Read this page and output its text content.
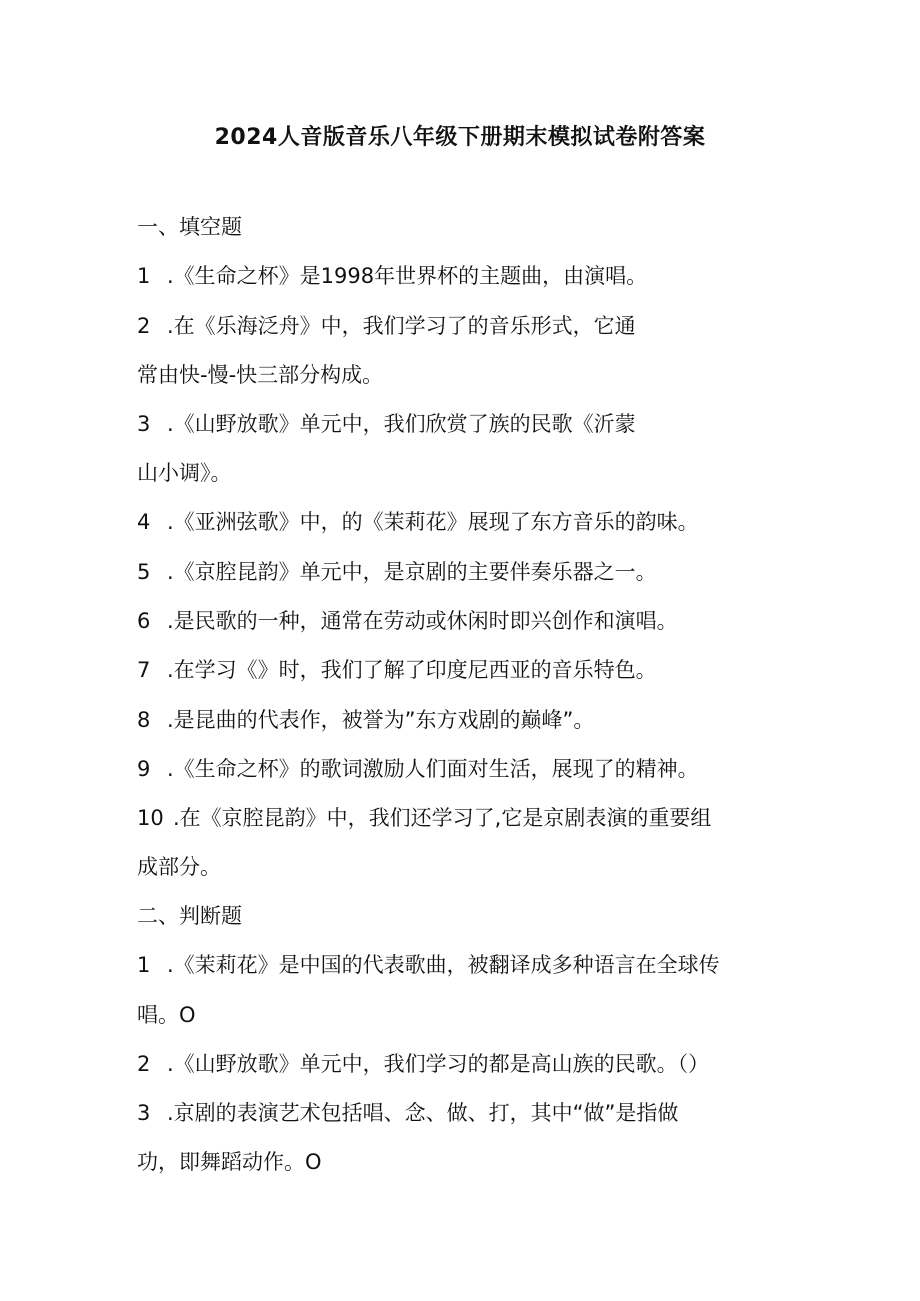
2024人音版音乐八年级下册期末模拟试卷附答案
一、填空题
1 .《生命之杯》是1998年世界杯的主题曲，由演唱。
2 .在《乐海泛舟》中，我们学习了的音乐形式，它通
常由快-慢-快三部分构成。
3 .《山野放歌》单元中，我们欣赏了族的民歌《沂蒙
山小调》。
4 .《亚洲弦歌》中，的《茉莉花》展现了东方音乐的韵味。
5 .《京腔昆韵》单元中，是京剧的主要伴奏乐器之一。
6 .是民歌的一种，通常在劳动或休闲时即兴创作和演唱。
7 .在学习《》时，我们了解了印度尼西亚的音乐特色。
8 .是昆曲的代表作，被誉为”东方戏剧的巅峰”。
9 .《生命之杯》的歌词激励人们面对生活，展现了的精神。
10 .在《京腔昆韵》中，我们还学习了,它是京剧表演的重要组
成部分。
二、判断题
1 .《茉莉花》是中国的代表歌曲，被翻译成多种语言在全球传
唱。O
2 .《山野放歌》单元中，我们学习的都是高山族的民歌。（）
3 .京剧的表演艺术包括唱、念、做、打，其中“做”是指做
功，即舞蹈动作。O
